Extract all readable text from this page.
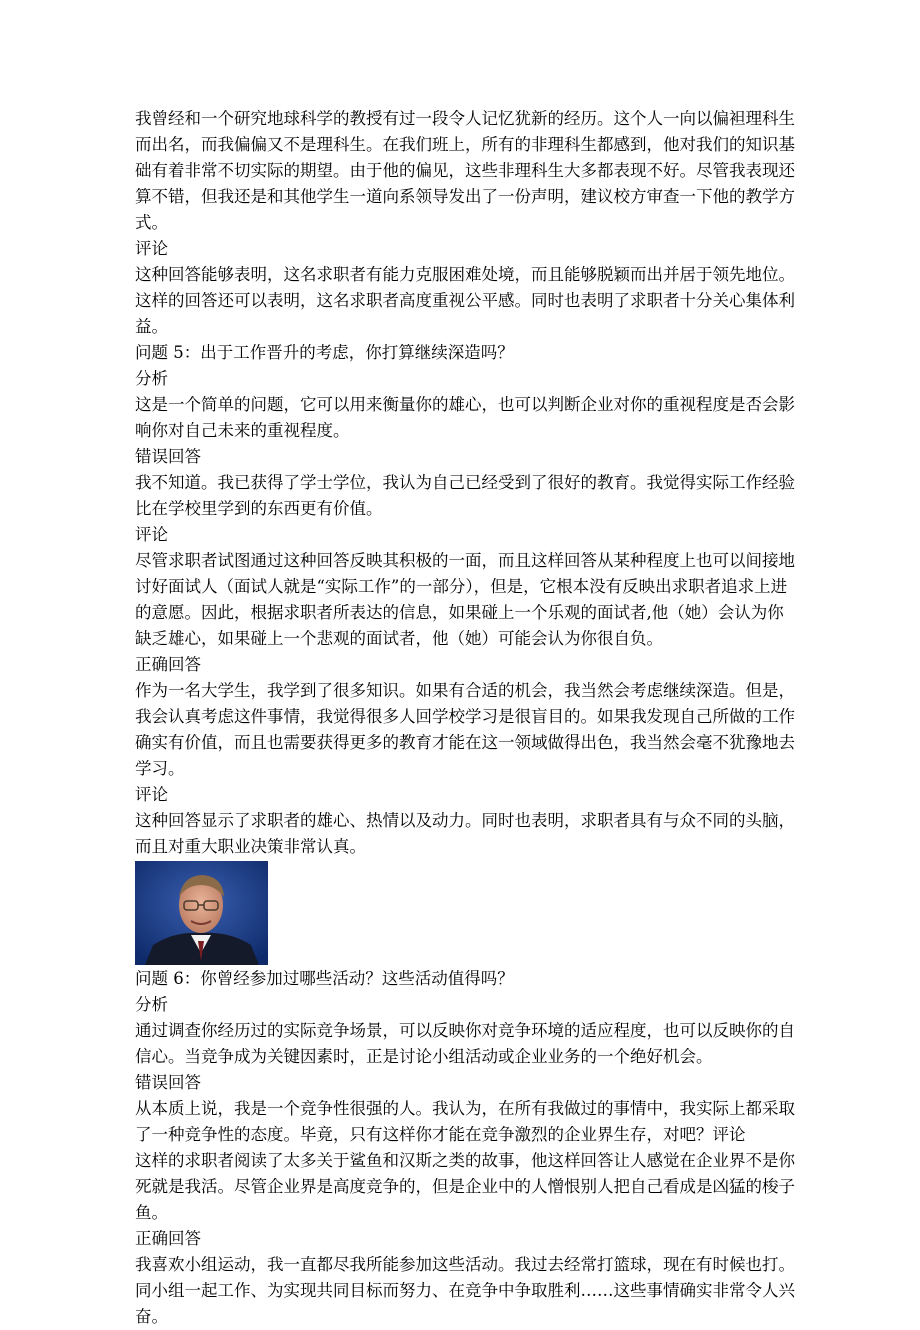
我曾经和一个研究地球科学的教授有过一段令人记忆犹新的经历。这个人一向以偏袒理科生而出名，而我偏偏又不是理科生。在我们班上，所有的非理科生都感到，他对我们的知识基础有着非常不切实际的期望。由于他的偏见，这些非理科生大多都表现不好。尽管我表现还算不错，但我还是和其他学生一道向系领导发出了一份声明，建议校方审查一下他的教学方式。

评论

这种回答能够表明，这名求职者有能力克服困难处境，而且能够脱颖而出并居于领先地位。这样的回答还可以表明，这名求职者高度重视公平感。同时也表明了求职者十分关心集体利益。

问题 5：出于工作晋升的考虑，你打算继续深造吗？

分析

这是一个简单的问题，它可以用来衡量你的雄心，也可以判断企业对你的重视程度是否会影响你对自己未来的重视程度。

错误回答

我不知道。我已获得了学士学位，我认为自己已经受到了很好的教育。我觉得实际工作经验比在学校里学到的东西更有价值。

评论

尽管求职者试图通过这种回答反映其积极的一面，而且这样回答从某种程度上也可以间接地讨好面试人（面试人就是“实际工作”的一部分），但是，它根本没有反映出求职者追求上进的意愿。因此，根据求职者所表达的信息，如果碰上一个乐观的面试者,他（她）会认为你缺乏雄心，如果碰上一个悲观的面试者，他（她）可能会认为你很自负。

正确回答

作为一名大学生，我学到了很多知识。如果有合适的机会，我当然会考虑继续深造。但是，我会认真考虑这件事情，我觉得很多人回学校学习是很盲目的。如果我发现自己所做的工作确实有价值，而且也需要获得更多的教育才能在这一领域做得出色，我当然会毫不犹豫地去学习。

评论

这种回答显示了求职者的雄心、热情以及动力。同时也表明，求职者具有与众不同的头脑，而且对重大职业决策非常认真。

问题 6：你曾经参加过哪些活动？这些活动值得吗？

分析

通过调查你经历过的实际竞争场景，可以反映你对竞争环境的适应程度，也可以反映你的自信心。当竞争成为关键因素时，正是讨论小组活动或企业业务的一个绝好机会。

错误回答

从本质上说，我是一个竞争性很强的人。我认为，在所有我做过的事情中，我实际上都采取了一种竞争性的态度。毕竟，只有这样你才能在竞争激烈的企业界生存，对吧？评论

这样的求职者阅读了太多关于鲨鱼和汉斯之类的故事，他这样回答让人感觉在企业界不是你死就是我活。尽管企业界是高度竞争的，但是企业中的人憎恨别人把自己看成是凶猛的梭子鱼。

正确回答

我喜欢小组运动，我一直都尽我所能参加这些活动。我过去经常打篮球，现在有时候也打。同小组一起工作、为实现共同目标而努力、在竞争中争取胜利……这些事情确实非常令人兴奋。
